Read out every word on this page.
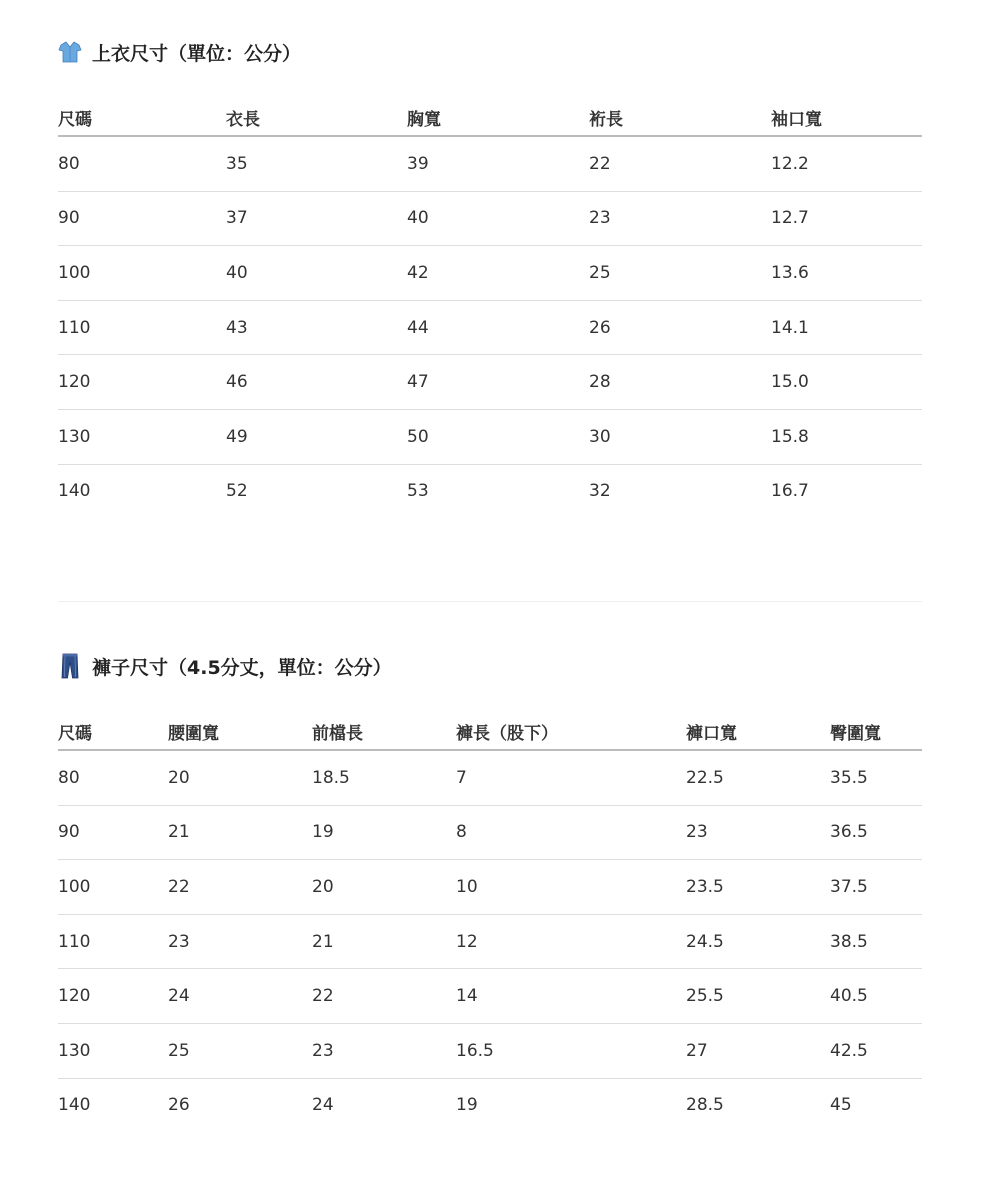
上衣尺寸（單位：公分）
尺碼	衣長	胸寬	裄長	袖口寬
80	35	39	22	12.2
90	37	40	23	12.7
100	40	42	25	13.6
110	43	44	26	14.1
120	46	47	28	15.0
130	49	50	30	15.8
140	52	53	32	16.7
褲子尺寸（4.5分丈，單位：公分）
尺碼	腰圍寬	前檔長	褲長（股下）	褲口寬	臀圍寬
80	20	18.5	7	22.5	35.5
90	21	19	8	23	36.5
100	22	20	10	23.5	37.5
110	23	21	12	24.5	38.5
120	24	22	14	25.5	40.5
130	25	23	16.5	27	42.5
140	26	24	19	28.5	45
